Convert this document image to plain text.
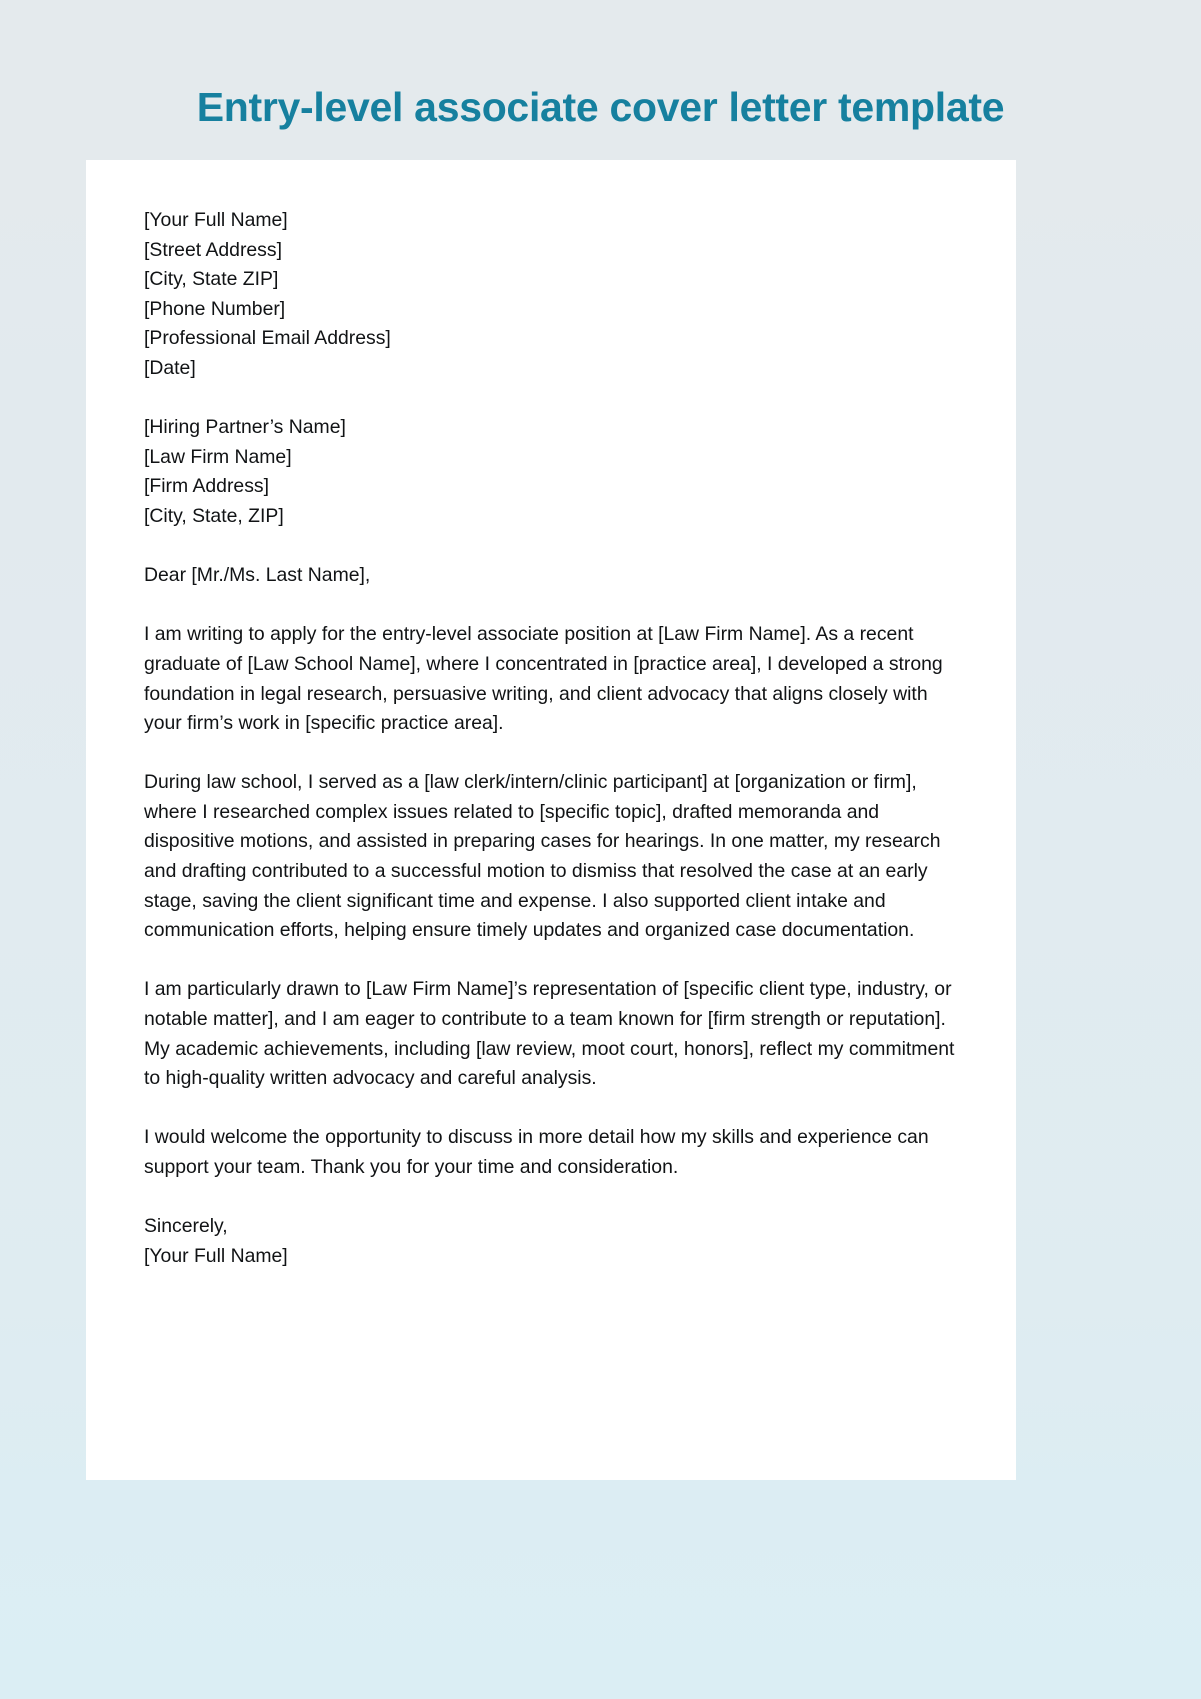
Entry-level associate cover letter template
[Your Full Name]
[Street Address]
[City, State ZIP]
[Phone Number]
[Professional Email Address]
[Date]
[Hiring Partner’s Name]
[Law Firm Name]
[Firm Address]
[City, State, ZIP]

Dear [Mr./Ms. Last Name],

I am writing to apply for the entry-level associate position at [Law Firm Name]. As a recent graduate of [Law School Name], where I concentrated in [practice area], I developed a strong foundation in legal research, persuasive writing, and client advocacy that aligns closely with your firm’s work in [specific practice area].

During law school, I served as a [law clerk/intern/clinic participant] at [organization or firm], where I researched complex issues related to [specific topic], drafted memoranda and dispositive motions, and assisted in preparing cases for hearings. In one matter, my research and drafting contributed to a successful motion to dismiss that resolved the case at an early stage, saving the client significant time and expense. I also supported client intake and communication efforts, helping ensure timely updates and organized case documentation.

I am particularly drawn to [Law Firm Name]’s representation of [specific client type, industry, or notable matter], and I am eager to contribute to a team known for [firm strength or reputation]. My academic achievements, including [law review, moot court, honors], reflect my commitment to high-quality written advocacy and careful analysis.

I would welcome the opportunity to discuss in more detail how my skills and experience can support your team. Thank you for your time and consideration.

Sincerely,
[Your Full Name]
